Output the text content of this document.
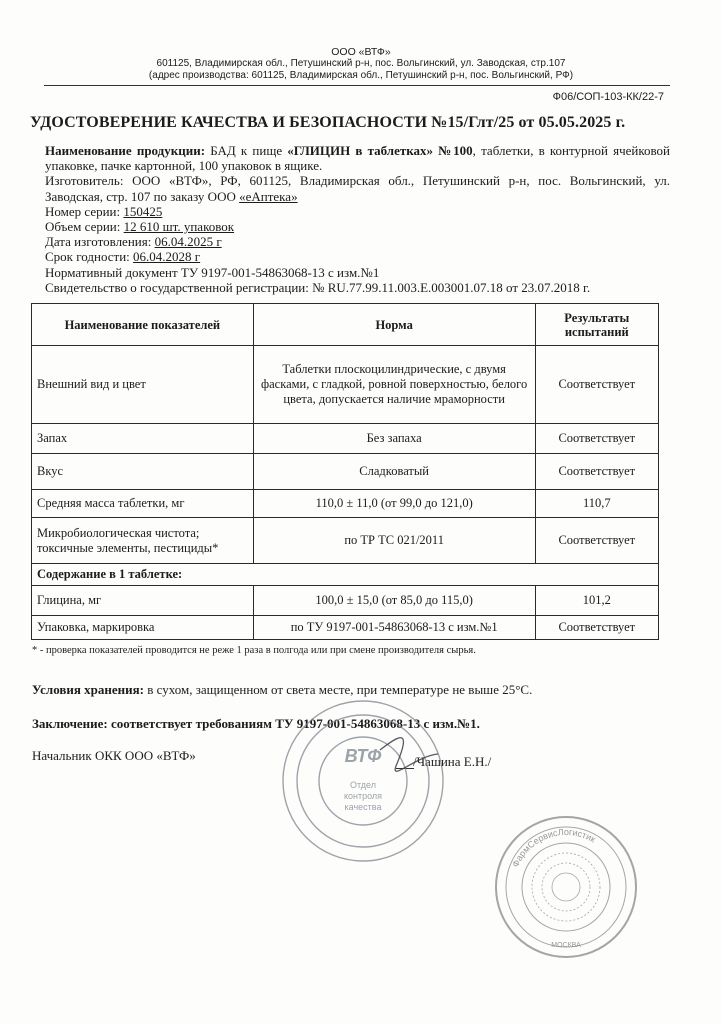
ООО «ВТФ»
601125, Владимирская обл., Петушинский р-н, пос. Вольгинский, ул. Заводская, стр.107
(адрес производства: 601125, Владимирская обл., Петушинский р-н, пос. Вольгинский, РФ)
Ф06/СОП-103-КК/22-7
УДОСТОВЕРЕНИЕ КАЧЕСТВА И БЕЗОПАСНОСТИ №15/Глт/25 от 05.05.2025 г.

Наименование продукции: БАД к пище «ГЛИЦИН в таблетках» №100, таблетки, в контурной ячейковой упаковке, пачке картонной, 100 упаковок в ящике.

Изготовитель: ООО «ВТФ», РФ, 601125, Владимирская обл., Петушинский р-н, пос. Вольгинский, ул. Заводская, стр. 107 по заказу ООО «еАптека»

Номер серии: 150425

Объем серии: 12 610 шт. упаковок

Дата изготовления: 06.04.2025 г

Срок годности: 06.04.2028 г

Нормативный документ ТУ 9197-001-54863068-13 с изм.№1

Свидетельство о государственной регистрации: № RU.77.99.11.003.Е.003001.07.18 от 23.07.2018 г.

Наименование показателей	Норма	Результаты испытаний
Внешний вид и цвет	Таблетки плоскоцилиндрические, с двумя фасками, с гладкой, ровной поверхностью, белого цвета, допускается наличие мраморности	Соответствует
Запах	Без запаха	Соответствует
Вкус	Сладковатый	Соответствует
Средняя масса таблетки, мг	110,0 ± 11,0 (от 99,0 до 121,0)	110,7
Микробиологическая чистота; токсичные элементы, пестициды*	по ТР ТС 021/2011	Соответствует
Содержание в 1 таблетке:		
Глицина, мг	100,0 ± 15,0 (от 85,0 до 115,0)	101,2
Упаковка, маркировка	по ТУ 9197-001-54863068-13 с изм.№1	Соответствует
* - проверка показателей проводится не реже 1 раза в полгода или при смене производителя сырья.
Условия хранения: в сухом, защищенном от света месте, при температуре не выше 25°С.
Заключение: соответствует требованиям ТУ 9197-001-54863068-13 с изм.№1.
Начальник ОКК ООО «ВТФ»	/Чашина Е.Н./
ВТФ
Отдел
контроля
качества
ФармСервисЛогистик
МОСКВА
